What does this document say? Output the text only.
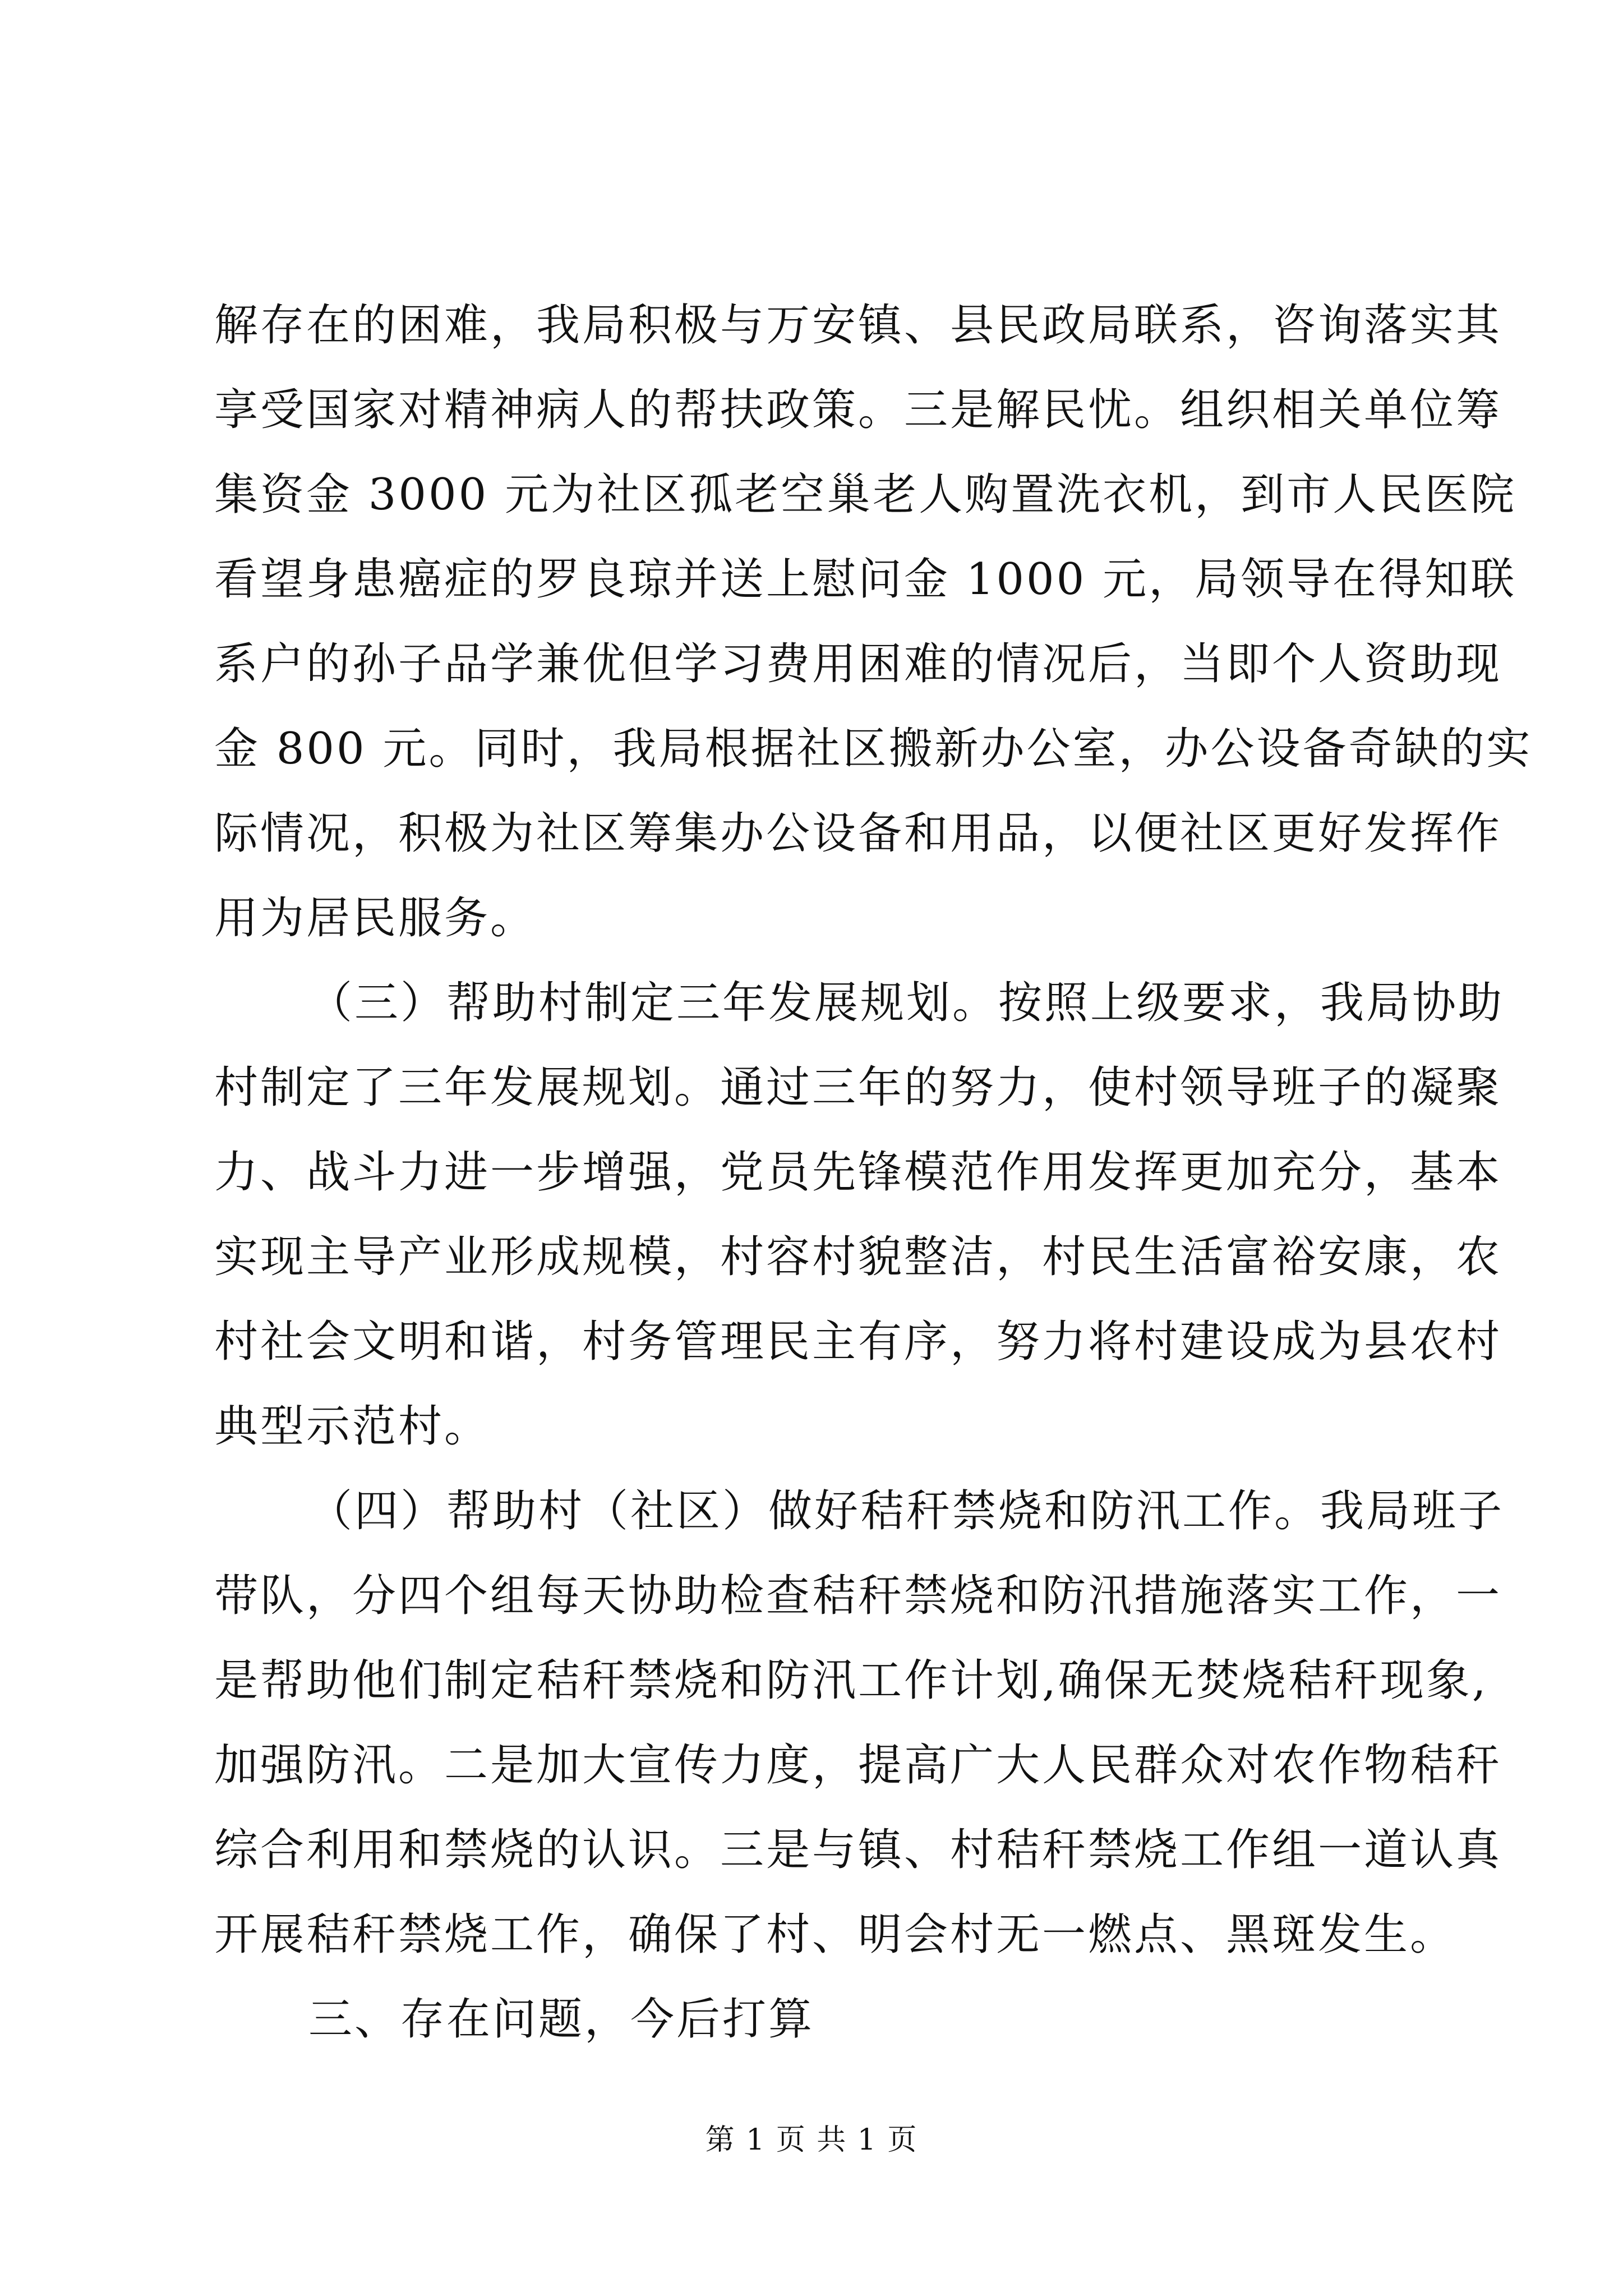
解存在的困难，我局积极与万安镇、县民政局联系，咨询落实其
享受国家对精神病人的帮扶政策。三是解民忧。组织相关单位筹
集资金 3000 元为社区孤老空巢老人购置洗衣机，到市人民医院
看望身患癌症的罗良琼并送上慰问金 1000 元，局领导在得知联
系户的孙子品学兼优但学习费用困难的情况后，当即个人资助现
金 800 元。同时，我局根据社区搬新办公室，办公设备奇缺的实
际情况，积极为社区筹集办公设备和用品，以便社区更好发挥作
用为居民服务。
（三）帮助村制定三年发展规划。按照上级要求，我局协助
村制定了三年发展规划。通过三年的努力，使村领导班子的凝聚
力、战斗力进一步增强，党员先锋模范作用发挥更加充分，基本
实现主导产业形成规模，村容村貌整洁，村民生活富裕安康，农
村社会文明和谐，村务管理民主有序，努力将村建设成为县农村
典型示范村。
（四）帮助村（社区）做好秸秆禁烧和防汛工作。我局班子
带队，分四个组每天协助检查秸秆禁烧和防汛措施落实工作，一
是帮助他们制定秸秆禁烧和防汛工作计划,确保无焚烧秸秆现象,
加强防汛。二是加大宣传力度，提高广大人民群众对农作物秸秆
综合利用和禁烧的认识。三是与镇、村秸秆禁烧工作组一道认真
开展秸秆禁烧工作，确保了村、明会村无一燃点、黑斑发生。
三、存在问题，今后打算
第 1 页 共 1 页
